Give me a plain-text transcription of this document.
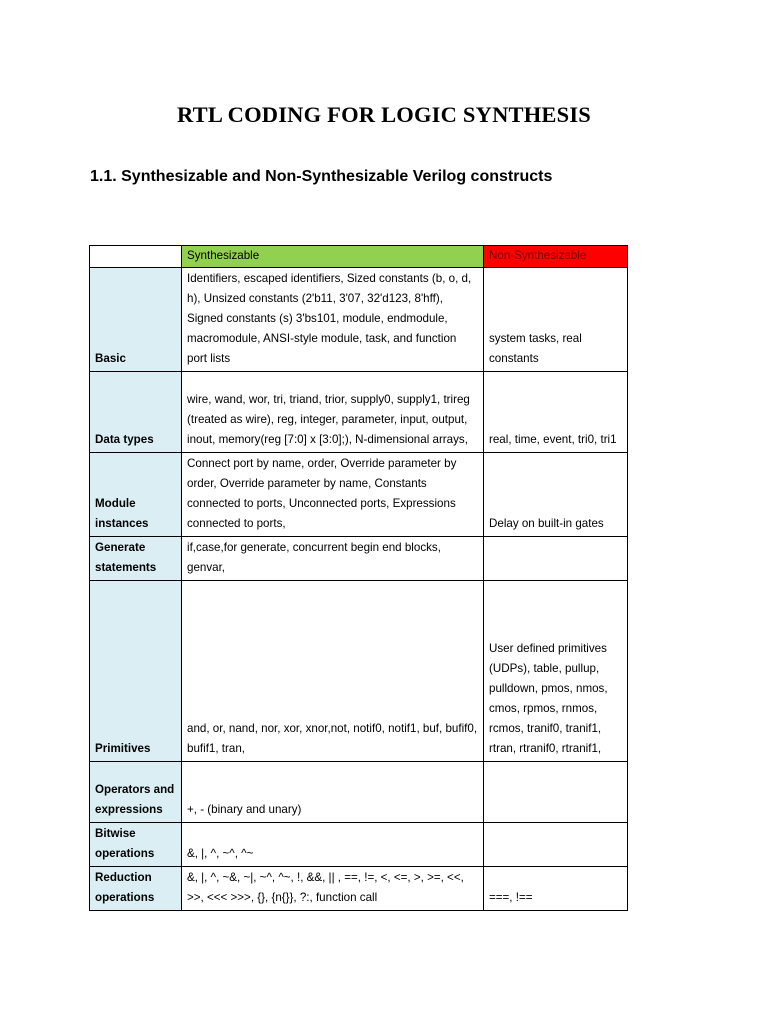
RTL CODING FOR LOGIC SYNTHESIS
1.1. Synthesizable and Non-Synthesizable Verilog constructs
	Synthesizable	Non-Synthesizable
Basic	Identifiers, escaped identifiers, Sized constants (b, o, d, h), Unsized constants (2'b11, 3'07, 32'd123, 8'hff), Signed constants (s) 3'bs101, module, endmodule, macromodule, ANSI-style module, task, and function port lists	system tasks, real constants
Data types	wire, wand, wor, tri, triand, trior, supply0, supply1, trireg (treated as wire), reg, integer, parameter, input, output, inout, memory(reg [7:0] x [3:0];), N-dimensional arrays,	real, time, event, tri0, tri1
Module instances	Connect port by name, order, Override parameter by order, Override parameter by name, Constants connected to ports, Unconnected ports, Expressions connected to ports,	Delay on built-in gates
Generate statements	if,case,for generate, concurrent begin end blocks, genvar,	
Primitives	and, or, nand, nor, xor, xnor,not, notif0, notif1, buf, bufif0, bufif1, tran,	User defined primitives (UDPs), table, pullup, pulldown, pmos, nmos, cmos, rpmos, rnmos, rcmos, tranif0, tranif1, rtran, rtranif0, rtranif1,
Operators and expressions	+, - (binary and unary)	
Bitwise operations	&, |, ^, ~^, ^~	
Reduction operations	&, |, ^, ~&, ~|, ~^, ^~, !, &&, || , ==, !=, <, <=, >, >=, <<, >>, <<< >>>, {}, {n{}}, ?:, function call	===, !==
